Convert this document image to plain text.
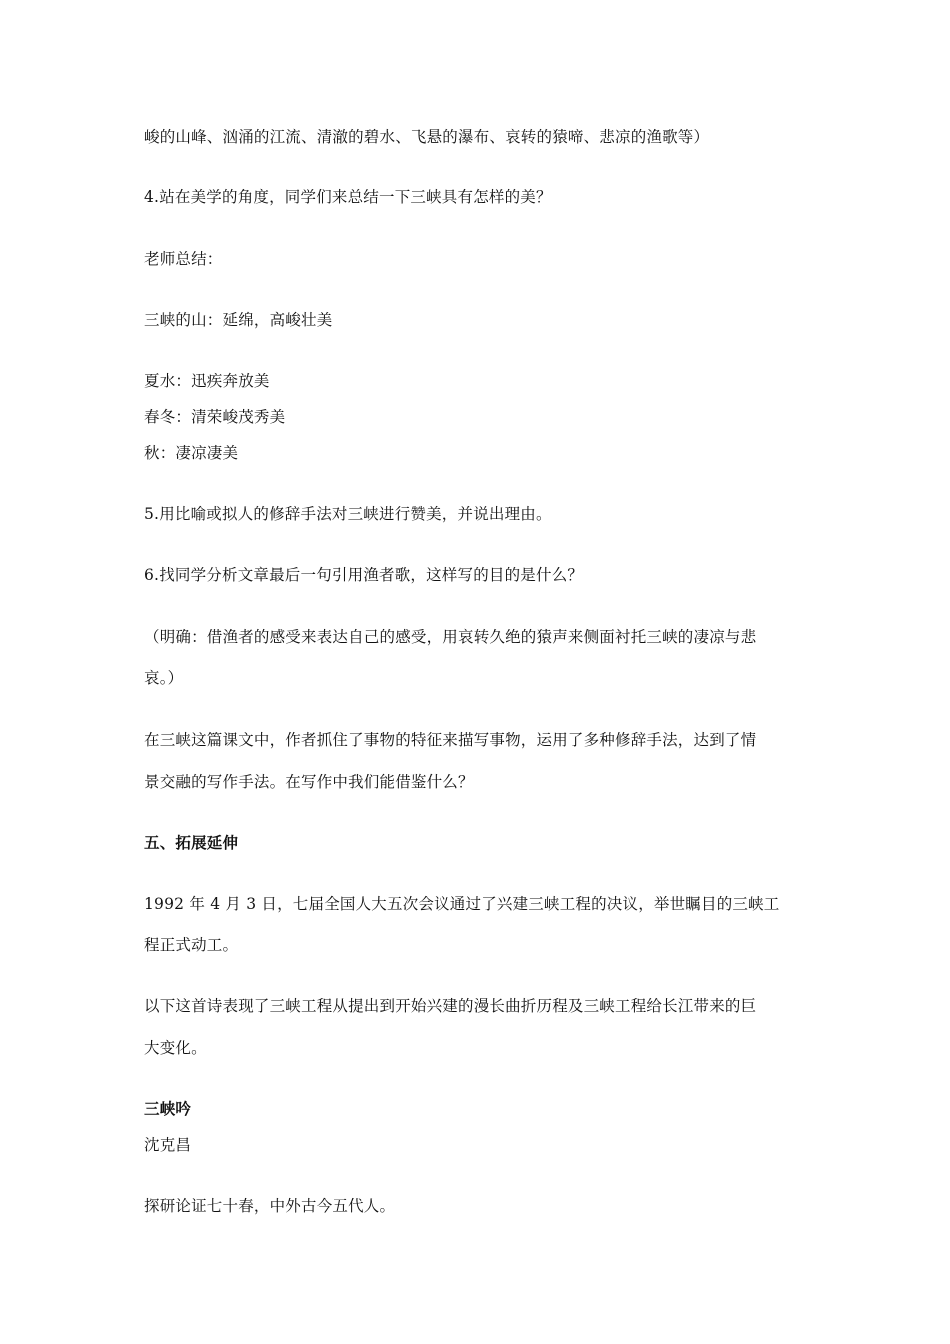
峻的山峰、汹涌的江流、清澈的碧水、飞悬的瀑布、哀转的猿啼、悲凉的渔歌等）
4.站在美学的角度，同学们来总结一下三峡具有怎样的美？
老师总结：
三峡的山：延绵，高峻壮美
夏水：迅疾奔放美
春冬：清荣峻茂秀美
秋：凄凉凄美
5.用比喻或拟人的修辞手法对三峡进行赞美，并说出理由。
6.找同学分析文章最后一句引用渔者歌，这样写的目的是什么？
（明确：借渔者的感受来表达自己的感受，用哀转久绝的猿声来侧面衬托三峡的凄凉与悲
哀。）
在三峡这篇课文中，作者抓住了事物的特征来描写事物，运用了多种修辞手法，达到了情
景交融的写作手法。在写作中我们能借鉴什么？
五、拓展延伸
1992 年 4 月 3 日，七届全国人大五次会议通过了兴建三峡工程的决议，举世瞩目的三峡工
程正式动工。
以下这首诗表现了三峡工程从提出到开始兴建的漫长曲折历程及三峡工程给长江带来的巨
大变化。
三峡吟
沈克昌
探研论证七十春，中外古今五代人。
